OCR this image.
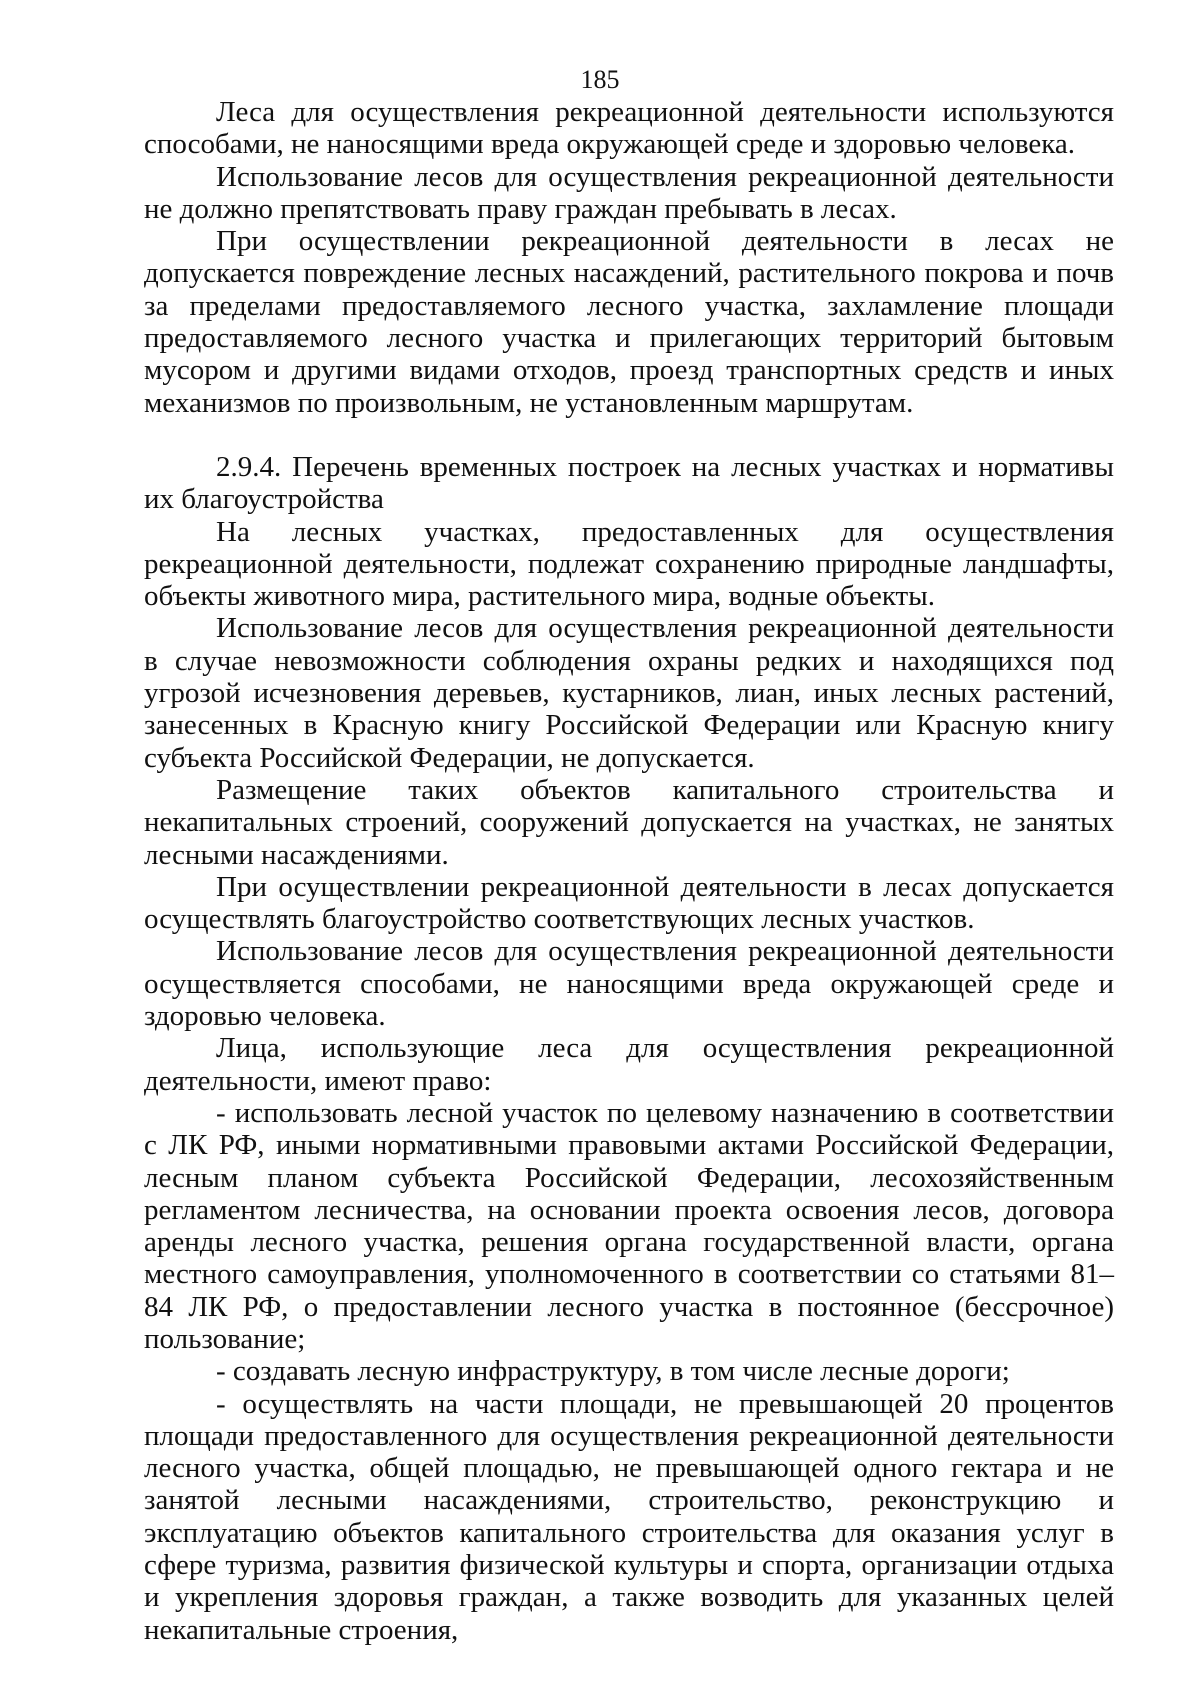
185

Леса для осуществления рекреационной деятельности используются способами, не наносящими вреда окружающей среде и здоровью человека.

Использование лесов для осуществления рекреационной деятельности не должно препятствовать праву граждан пребывать в лесах.

При осуществлении рекреационной деятельности в лесах не допускается повреждение лесных насаждений, растительного покрова и почв за пределами предоставляемого лесного участка, захламление площади предоставляемого лесного участка и прилегающих территорий бытовым мусором и другими видами отходов, проезд транспортных средств и иных механизмов по произвольным, не установленным маршрутам.

2.9.4. Перечень временных построек на лесных участках и нормативы их благоустройства

На лесных участках, предоставленных для осуществления рекреационной деятельности, подлежат сохранению природные ландшафты, объекты животного мира, растительного мира, водные объекты.

Использование лесов для осуществления рекреационной деятельности в случае невозможности соблюдения охраны редких и находящихся под угрозой исчезновения деревьев, кустарников, лиан, иных лесных растений, занесенных в Красную книгу Российской Федерации или Красную книгу субъекта Российской Федерации, не допускается.

Размещение таких объектов капитального строительства и некапитальных строений, сооружений допускается на участках, не занятых лесными насаждениями.

При осуществлении рекреационной деятельности в лесах допускается осуществлять благоустройство соответствующих лесных участков.

Использование лесов для осуществления рекреационной деятельности осуществляется способами, не наносящими вреда окружающей среде и здоровью человека.

Лица, использующие леса для осуществления рекреационной деятельности, имеют право:

- использовать лесной участок по целевому назначению в соответствии с ЛК РФ, иными нормативными правовыми актами Российской Федерации, лесным планом субъекта Российской Федерации, лесохозяйственным регламентом лесничества, на основании проекта освоения лесов, договора аренды лесного участка, решения органа государственной власти, органа местного самоуправления, уполномоченного в соответствии со статьями 81–84 ЛК РФ, о предоставлении лесного участка в постоянное (бессрочное) пользование;

- создавать лесную инфраструктуру, в том числе лесные дороги;

- осуществлять на части площади, не превышающей 20 процентов площади предоставленного для осуществления рекреационной деятельности лесного участка, общей площадью, не превышающей одного гектара и не занятой лесными насаждениями, строительство, реконструкцию и эксплуатацию объектов капитального строительства для оказания услуг в сфере туризма, развития физической культуры и спорта, организации отдыха и укрепления здоровья граждан, а также возводить для указанных целей некапитальные строения,
